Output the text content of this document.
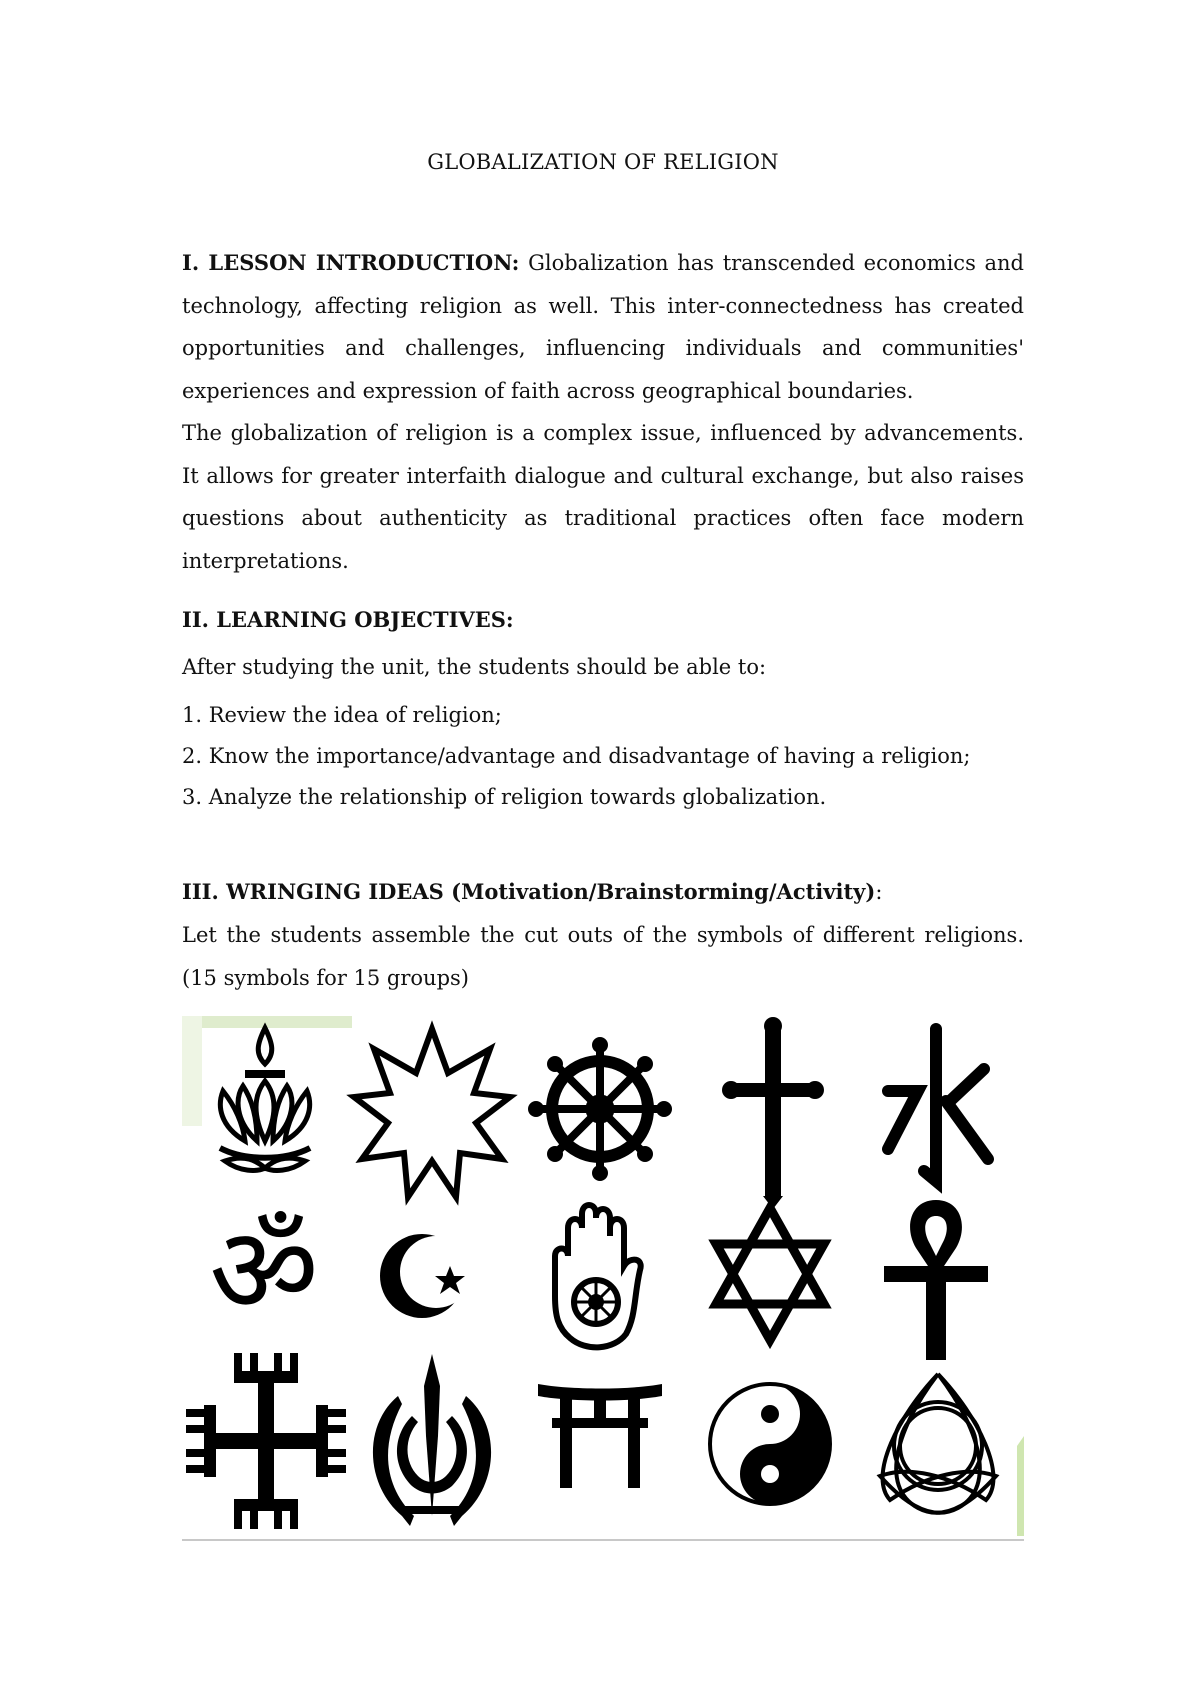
GLOBALIZATION OF RELIGION

I. LESSON INTRODUCTION: Globalization has transcended economics and technology, affecting religion as well. This inter-connectedness has created opportunities and challenges, influencing individuals and communities' experiences and expression of faith across geographical boundaries.

The globalization of religion is a complex issue, influenced by advancements. It allows for greater interfaith dialogue and cultural exchange, but also raises questions about authenticity as traditional practices often face modern interpretations.

II. LEARNING OBJECTIVES:
After studying the unit, the students should be able to:
1. Review the idea of religion;
2. Know the importance/advantage and disadvantage of having a religion;
3. Analyze the relationship of religion towards globalization.
III. WRINGING IDEAS (Motivation/Brainstorming/Activity):

Let the students assemble the cut outs of the symbols of different religions. (15 symbols for 15 groups)

ॐ
